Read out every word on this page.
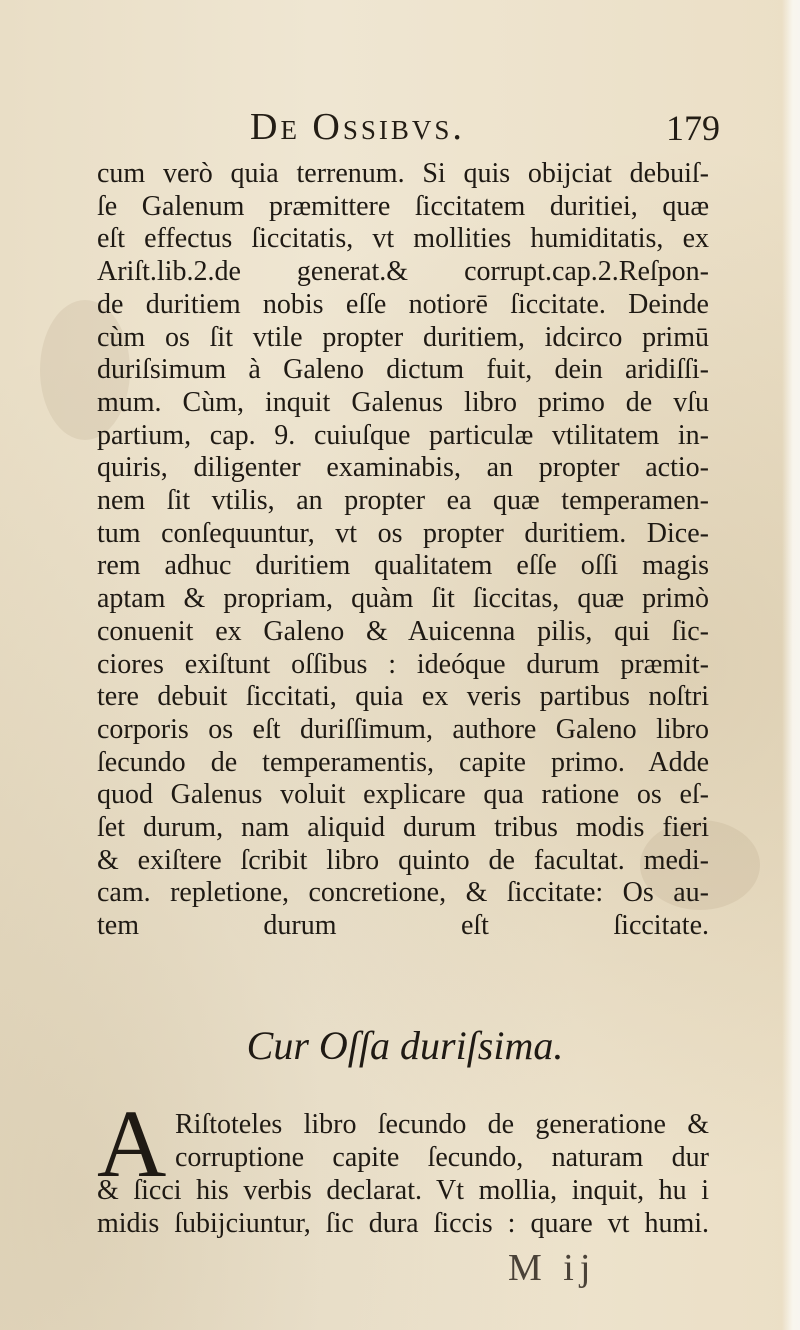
De Ossibvs.	179
cum verò quia terrenum. Si quis obijciat debuiſ-
ſe Galenum præmittere ſiccitatem duritiei, quæ
eſt effectus ſiccitatis, vt mollities humiditatis, ex
Ariſt.lib.2.de generat.& corrupt.cap.2.Reſpon-
de duritiem nobis eſſe notiorē ſiccitate. Deinde
cùm os ſit vtile propter duritiem, idcirco primū
duriſsimum à Galeno dictum fuit, dein aridiſſi-
mum. Cùm, inquit Galenus libro primo de vſu
partium, cap. 9. cuiuſque particulæ vtilitatem in-
quiris, diligenter examinabis, an propter actio-
nem ſit vtilis, an propter ea quæ temperamen-
tum conſequuntur, vt os propter duritiem. Dice-
rem adhuc duritiem qualitatem eſſe oſſi magis
aptam & propriam, quàm ſit ſiccitas, quæ primò
conuenit ex Galeno & Auicenna pilis, qui ſic-
ciores exiſtunt oſſibus : ideóque durum præmit-
tere debuit ſiccitati, quia ex veris partibus noſtri
corporis os eſt duriſſimum, authore Galeno libro
ſecundo de temperamentis, capite primo. Adde
quod Galenus voluit explicare qua ratione os eſ-
ſet durum, nam aliquid durum tribus modis fieri
& exiſtere ſcribit libro quinto de facultat. medi-
cam. repletione, concretione, & ſiccitate: Os au-
tem durum eſt ſiccitate.
Cur Oſſa duriſsima.
A Riſtoteles libro ſecundo de generatione &
corruptione capite ſecundo, naturam dur
& ſicci his verbis declarat. Vt mollia, inquit, hu i
midis ſubijciuntur, ſic dura ſiccis : quare vt humi.
M ij
